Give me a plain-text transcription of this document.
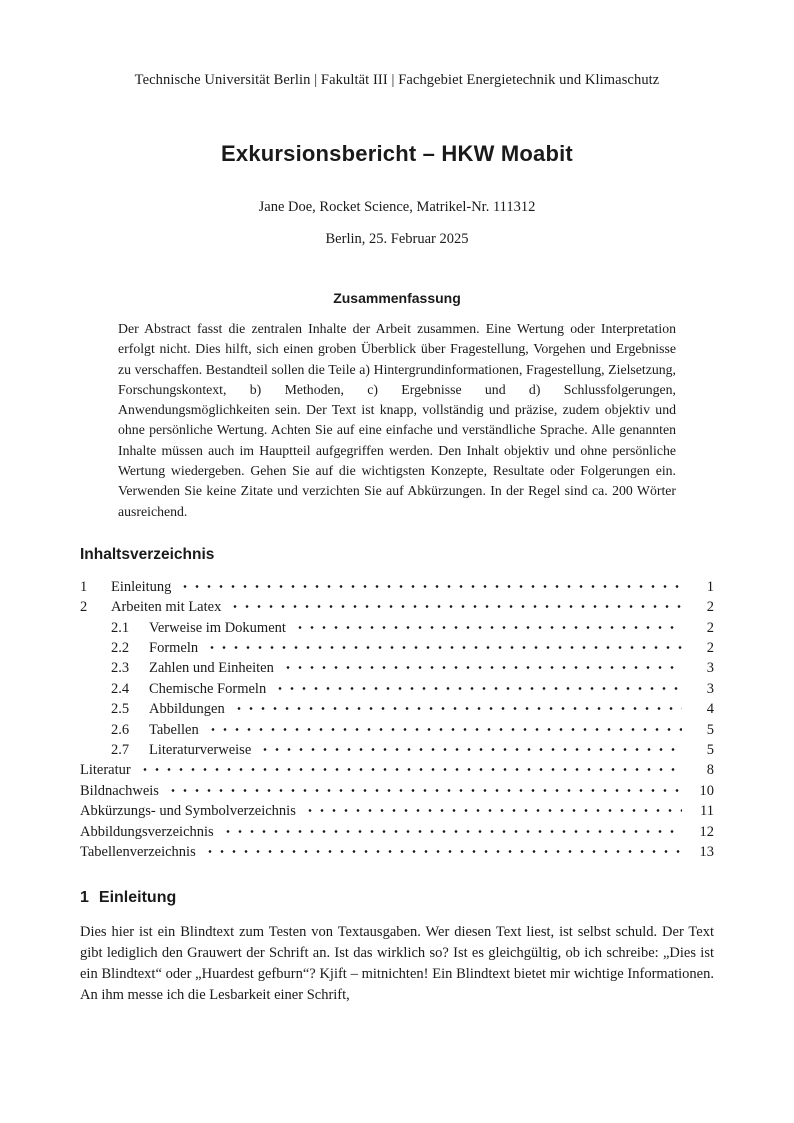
Technische Universität Berlin | Fakultät III | Fachgebiet Energietechnik und Klimaschutz
Exkursionsbericht – HKW Moabit
Jane Doe, Rocket Science, Matrikel-Nr. 111312
Berlin, 25. Februar 2025
Zusammenfassung
Der Abstract fasst die zentralen Inhalte der Arbeit zusammen. Eine Wertung oder Interpretation erfolgt nicht. Dies hilft, sich einen groben Überblick über Fragestellung, Vorgehen und Ergebnisse zu verschaffen. Bestandteil sollen die Teile a) Hintergrundinformationen, Fragestellung, Zielsetzung, Forschungskontext, b) Methoden, c) Ergebnisse und d) Schlussfolgerungen, Anwendungsmöglichkeiten sein. Der Text ist knapp, vollständig und präzise, zudem objektiv und ohne persönliche Wertung. Achten Sie auf eine einfache und verständliche Sprache. Alle genannten Inhalte müssen auch im Hauptteil aufgegriffen werden. Den Inhalt objektiv und ohne persönliche Wertung wiedergeben. Gehen Sie auf die wichtigsten Konzepte, Resultate oder Folgerungen ein. Verwenden Sie keine Zitate und verzichten Sie auf Abkürzungen. In der Regel sind ca. 200 Wörter ausreichend.
Inhaltsverzeichnis
1	Einleitung	1
2	Arbeiten mit Latex	2
2.1	Verweise im Dokument	2
2.2	Formeln	2
2.3	Zahlen und Einheiten	3
2.4	Chemische Formeln	3
2.5	Abbildungen	4
2.6	Tabellen	5
2.7	Literaturverweise	5
Literatur	8
Bildnachweis	10
Abkürzungs- und Symbolverzeichnis	11
Abbildungsverzeichnis	12
Tabellenverzeichnis	13
1 Einleitung
Dies hier ist ein Blindtext zum Testen von Textausgaben. Wer diesen Text liest, ist selbst schuld. Der Text gibt lediglich den Grauwert der Schrift an. Ist das wirklich so? Ist es gleichgültig, ob ich schreibe: „Dies ist ein Blindtext“ oder „Huardest gefburn“? Kjift – mitnichten! Ein Blindtext bietet mir wichtige Informationen. An ihm messe ich die Lesbarkeit einer Schrift,
